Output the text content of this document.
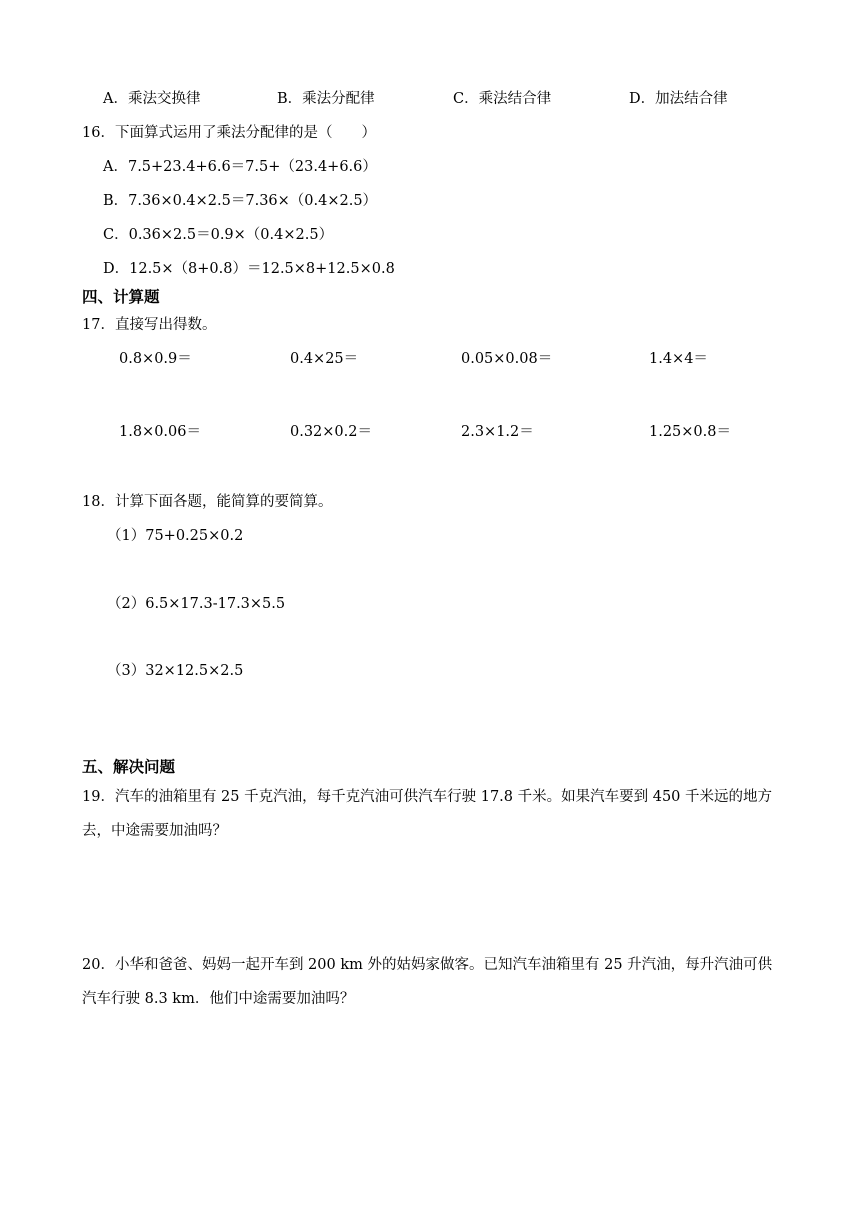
A．乘法交换律	B．乘法分配律	C．乘法结合律	D．加法结合律
16．下面算式运用了乘法分配律的是（　　）
A．7.5+23.4+6.6＝7.5+（23.4+6.6）
B．7.36×0.4×2.5＝7.36×（0.4×2.5）
C．0.36×2.5＝0.9×（0.4×2.5）
D．12.5×（8+0.8）＝12.5×8+12.5×0.8
四、计算题
17．直接写出得数。
0.8×0.9＝	0.4×25＝	0.05×0.08＝	1.4×4＝
1.8×0.06＝	0.32×0.2＝	2.3×1.2＝	1.25×0.8＝
18．计算下面各题，能简算的要简算。
（1）75+0.25×0.2
（2）6.5×17.3-17.3×5.5
（3）32×12.5×2.5
五、解决问题
19．汽车的油箱里有 25 千克汽油，每千克汽油可供汽车行驶 17.8 千米。如果汽车要到 450 千米远的地方
去，中途需要加油吗？
20．小华和爸爸、妈妈一起开车到 200 km 外的姑妈家做客。已知汽车油箱里有 25 升汽油，每升汽油可供
汽车行驶 8.3 km．他们中途需要加油吗？
